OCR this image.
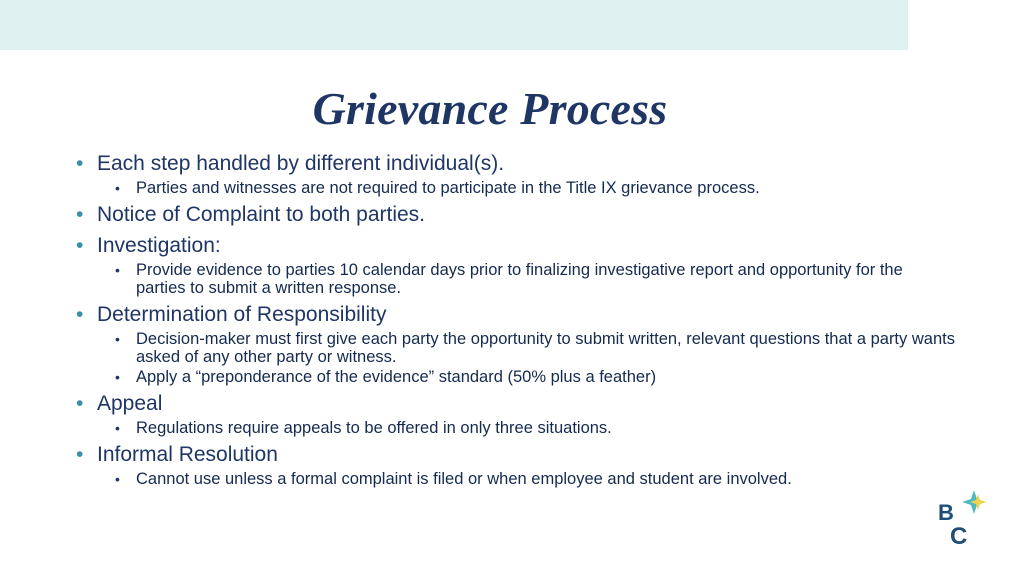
Grievance Process
• Each step handled by different individual(s).
• Parties and witnesses are not required to participate in the Title IX grievance process.
• Notice of Complaint to both parties.
• Investigation:
• Provide evidence to parties 10 calendar days prior to finalizing investigative report and opportunity for the parties to submit a written response.
• Determination of Responsibility
• Decision-maker must first give each party the opportunity to submit written, relevant questions that a party wants asked of any other party or witness.
• Apply a “preponderance of the evidence” standard (50% plus a feather)
• Appeal
• Regulations require appeals to be offered in only three situations.
• Informal Resolution
• Cannot use unless a formal complaint is filed or when employee and student are involved.
B
C
